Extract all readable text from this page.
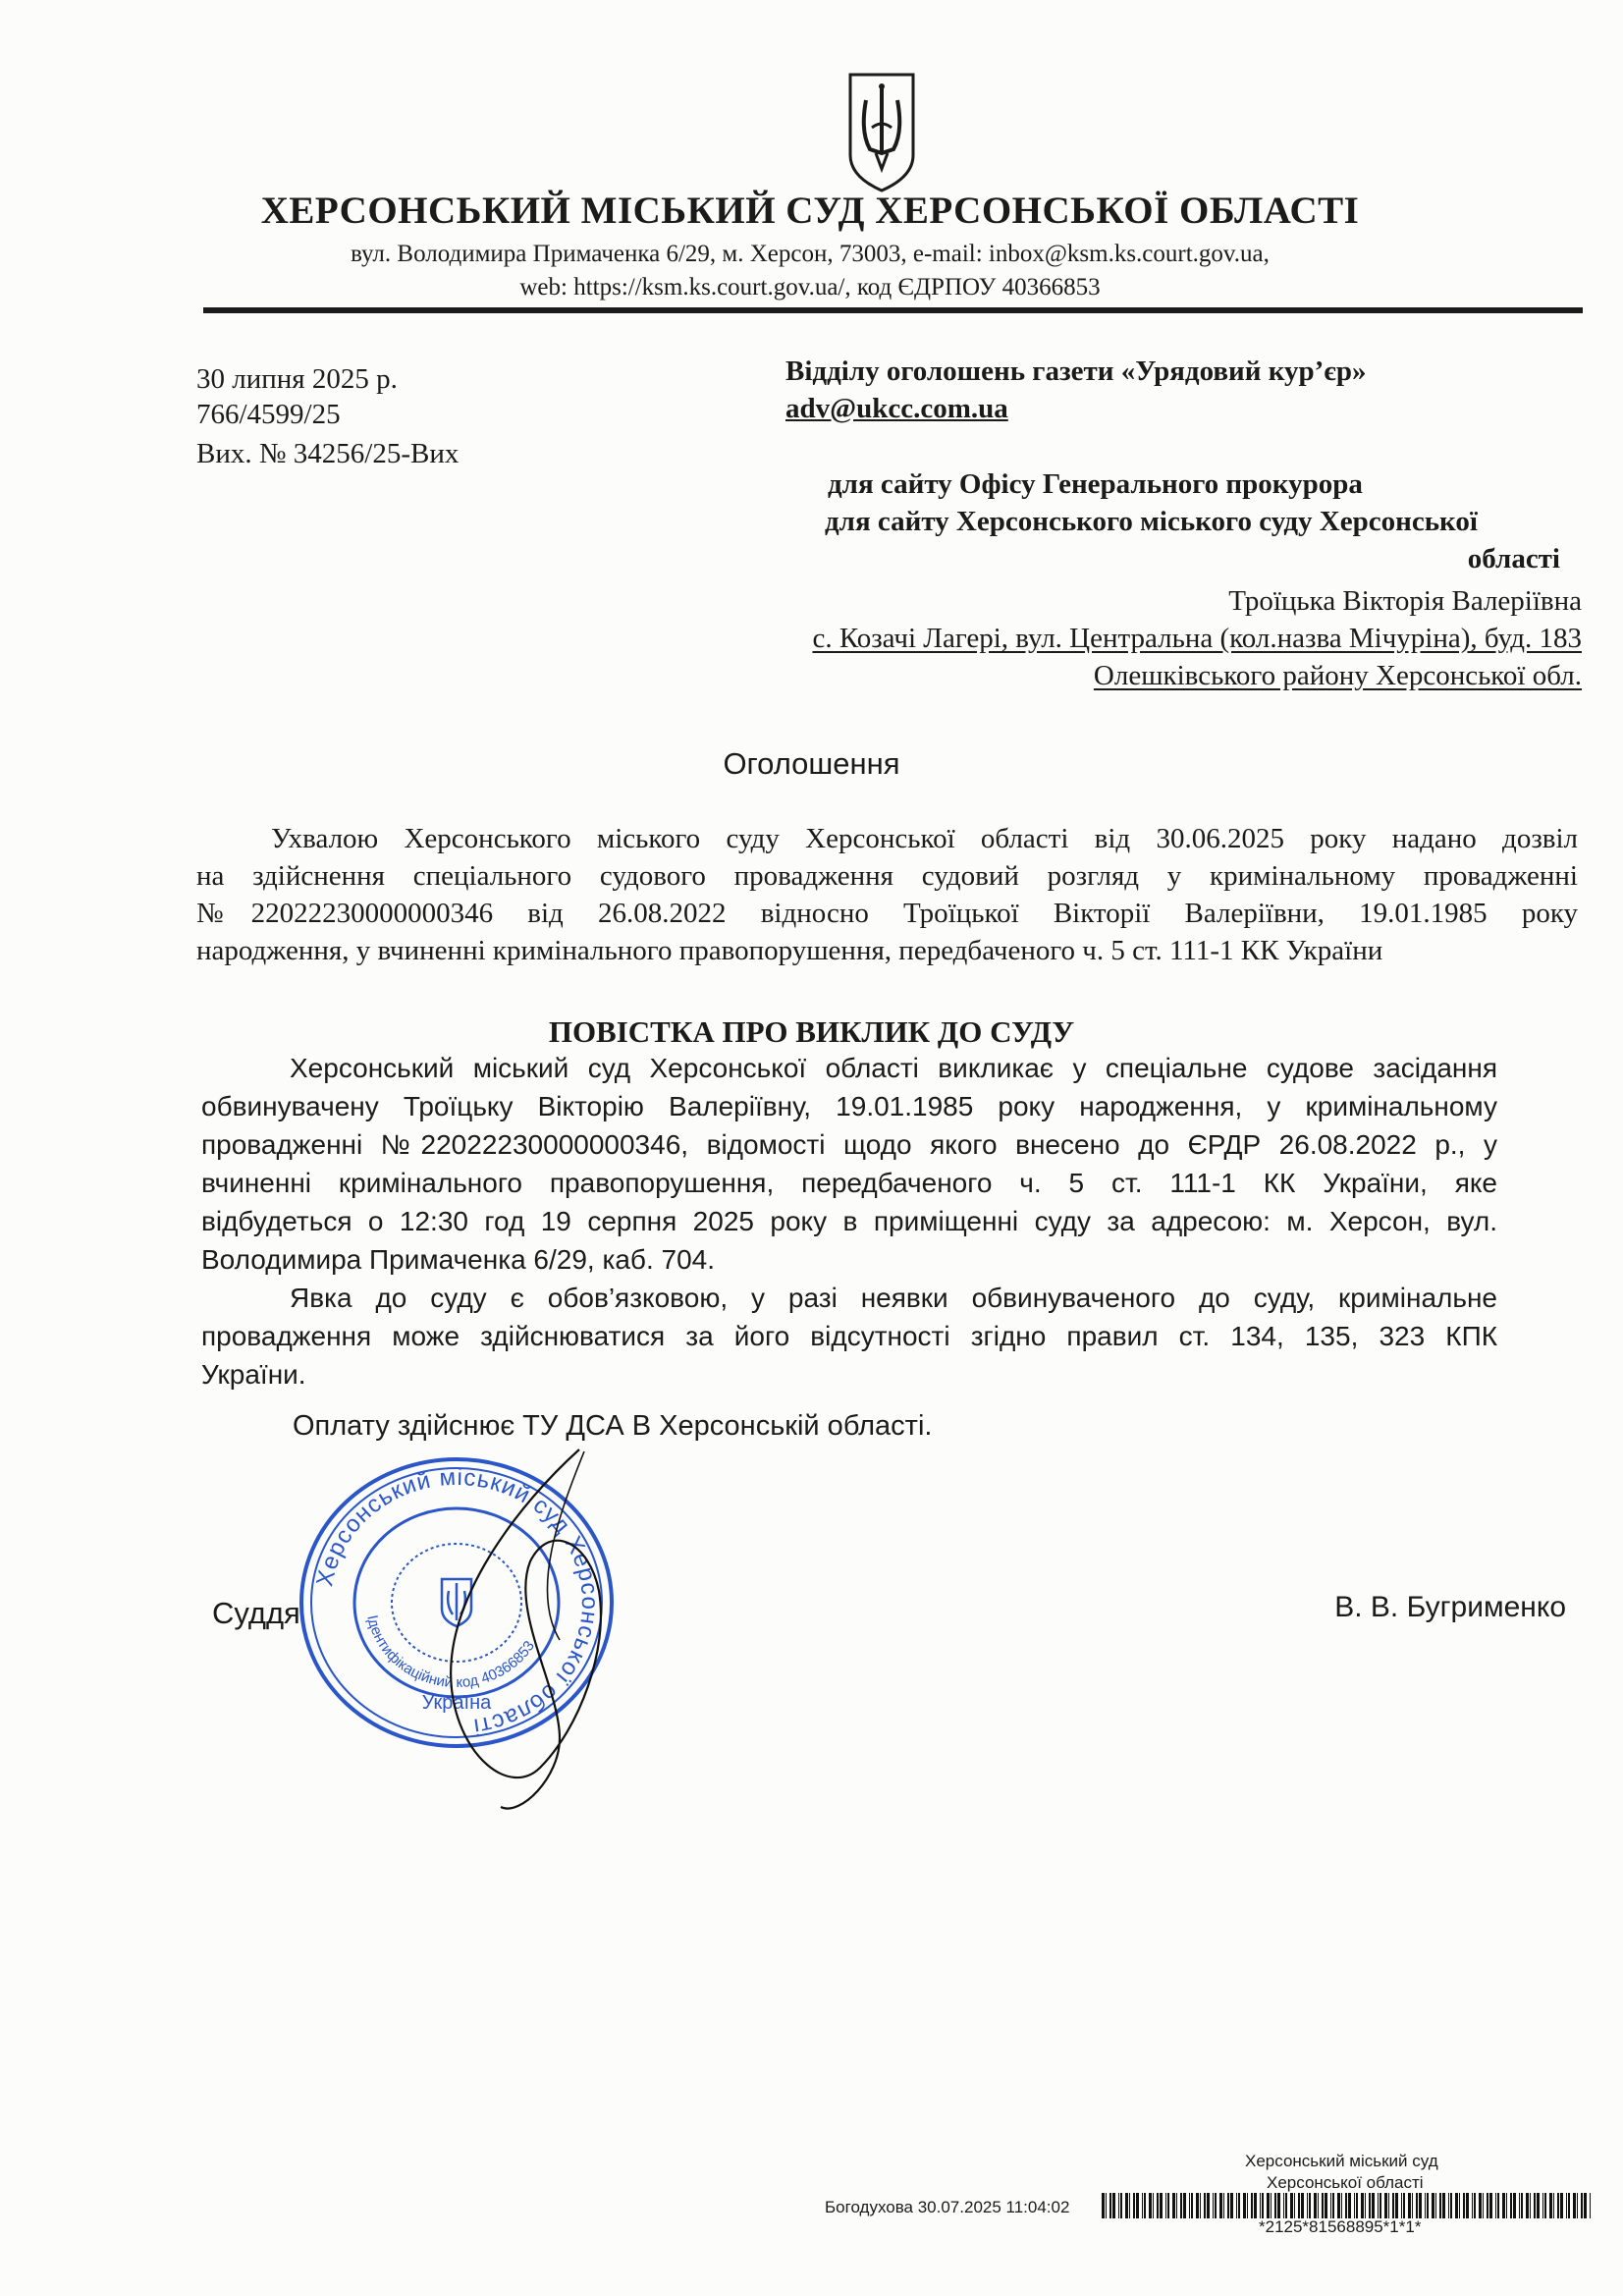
ХЕРСОНСЬКИЙ МІСЬКИЙ СУД ХЕРСОНСЬКОЇ ОБЛАСТІ
вул. Володимира Примаченка 6/29, м. Херсон, 73003, e-mail: inbox@ksm.ks.court.gov.ua,
web: https://ksm.ks.court.gov.ua/, код ЄДРПОУ 40366853
30 липня 2025 р.
766/4599/25
Вих. № 34256/25-Вих
Відділу оголошень газети «Урядовий кур’єр»
adv@ukcc.com.ua
для сайту Офісу Генерального прокурора
для сайту Херсонського міського суду Херсонської
області
Троїцька Вікторія Валеріївна
с. Козачі Лагері, вул. Центральна (кол.назва Мічуріна), буд. 183
Олешківського району Херсонської обл.
Оголошення
Ухвалою Херсонського міського суду Херсонської області від 30.06.2025 року надано дозвіл
на здійснення спеціального судового провадження судовий розгляд у кримінальному провадженні
№22022230000000346 від 26.08.2022 відносно Троїцької Вікторії Валеріївни, 19.01.1985 року
народження, у вчиненні кримінального правопорушення, передбаченого ч. 5 ст. 111-1 КК України
ПОВІСТКА ПРО ВИКЛИК ДО СУДУ
Херсонський міський суд Херсонської області викликає у спеціальне судове засідання
обвинувачену Троїцьку Вікторію Валеріївну, 19.01.1985 року народження, у кримінальному
провадженні №22022230000000346, відомості щодо якого внесено до ЄРДР 26.08.2022 р., у
вчиненні кримінального правопорушення, передбаченого ч. 5 ст. 111-1 КК України, яке
відбудеться о 12:30 год 19 серпня 2025 року в приміщенні суду за адресою: м. Херсон, вул.
Володимира Примаченка 6/29, каб. 704.
Явка до суду є обов’язковою, у разі неявки обвинуваченого до суду, кримінальне
провадження може здійснюватися за його відсутності згідно правил ст. 134, 135, 323 КПК
України.
Оплату здійснює ТУ ДСА В Херсонській області.
Суддя	В. В. Бугрименко
Херсонський міський суд Херсонської області
Ідентифікаційний код 40366853
Україна
Херсонський міський суд
Херсонської області
Богодухова 30.07.2025 11:04:02
*2125*81568895*1*1*
